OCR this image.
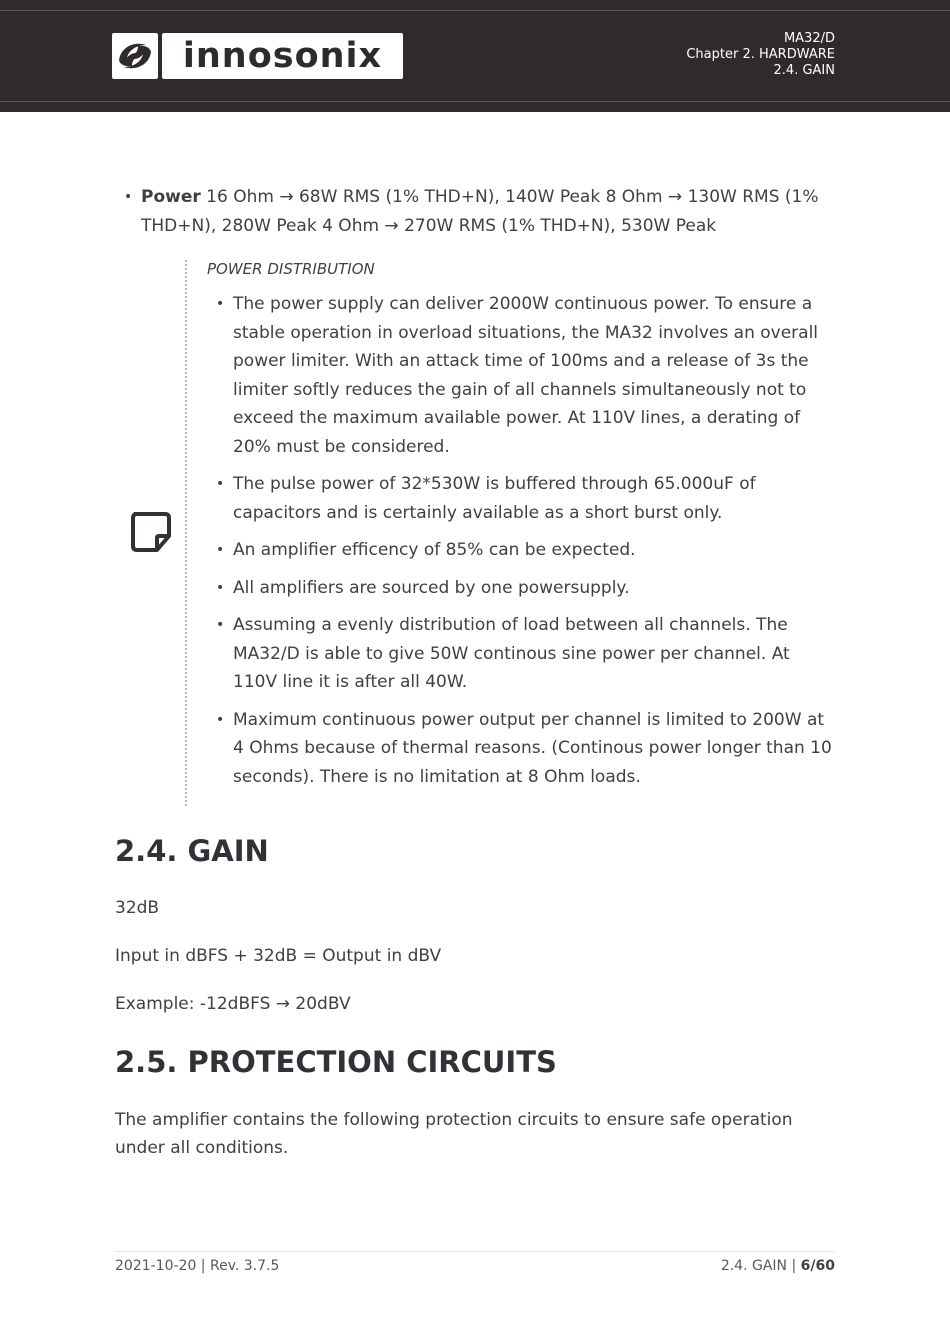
innosonix	MA32/D
Chapter 2. HARDWARE
2.4. GAIN
• Power 16 Ohm → 68W RMS (1% THD+N), 140W Peak 8 Ohm → 130W RMS (1% THD+N), 280W Peak 4 Ohm → 270W RMS (1% THD+N), 530W Peak
POWER DISTRIBUTION
• The power supply can deliver 2000W continuous power. To ensure a stable operation in overload situations, the MA32 involves an overall power limiter. With an attack time of 100ms and a release of 3s the limiter softly reduces the gain of all channels simultaneously not to exceed the maximum available power. At 110V lines, a derating of 20% must be considered.
• The pulse power of 32*530W is buffered through 65.000uF of capacitors and is certainly available as a short burst only.
• An amplifier efficency of 85% can be expected.
• All amplifiers are sourced by one powersupply.
• Assuming a evenly distribution of load between all channels. The MA32/D is able to give 50W continous sine power per channel. At 110V line it is after all 40W.
• Maximum continuous power output per channel is limited to 200W at 4 Ohms because of thermal reasons. (Continous power longer than 10 seconds). There is no limitation at 8 Ohm loads.
2.4. GAIN

32dB

Input in dBFS + 32dB = Output in dBV

Example: -12dBFS → 20dBV

2.5. PROTECTION CIRCUITS

The amplifier contains the following protection circuits to ensure safe operation under all conditions.

2021-10-20 | Rev. 3.7.5	2.4. GAIN | 6/60
